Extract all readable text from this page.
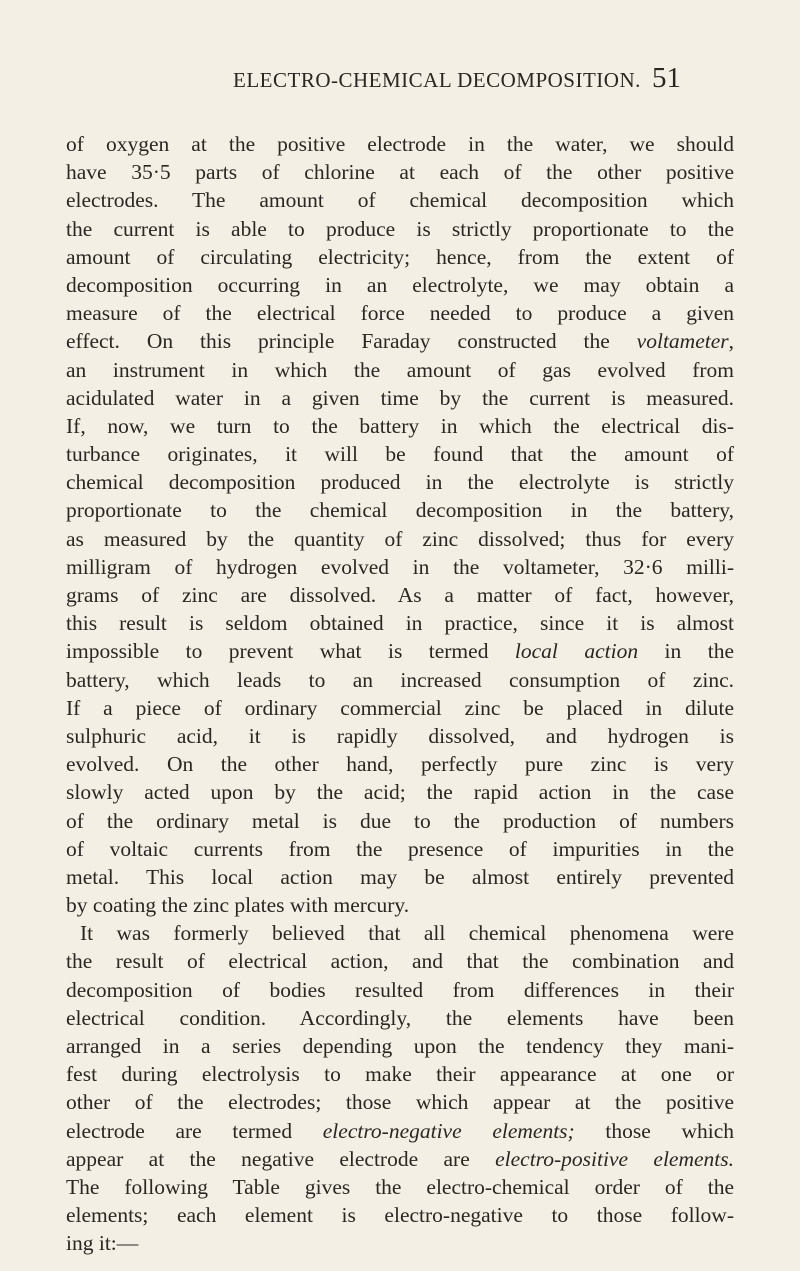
ELECTRO-CHEMICAL DECOMPOSITION. 51
of oxygen at the positive electrode in the water, we should
have 35·5 parts of chlorine at each of the other positive
electrodes. The amount of chemical decomposition which
the current is able to produce is strictly proportionate to the
amount of circulating electricity; hence, from the extent of
decomposition occurring in an electrolyte, we may obtain a
measure of the electrical force needed to produce a given
effect. On this principle Faraday constructed the voltameter,
an instrument in which the amount of gas evolved from
acidulated water in a given time by the current is measured.
If, now, we turn to the battery in which the electrical dis-
turbance originates, it will be found that the amount of
chemical decomposition produced in the electrolyte is strictly
proportionate to the chemical decomposition in the battery,
as measured by the quantity of zinc dissolved; thus for every
milligram of hydrogen evolved in the voltameter, 32·6 milli-
grams of zinc are dissolved. As a matter of fact, however,
this result is seldom obtained in practice, since it is almost
impossible to prevent what is termed local action in the
battery, which leads to an increased consumption of zinc.
If a piece of ordinary commercial zinc be placed in dilute
sulphuric acid, it is rapidly dissolved, and hydrogen is
evolved. On the other hand, perfectly pure zinc is very
slowly acted upon by the acid; the rapid action in the case
of the ordinary metal is due to the production of numbers
of voltaic currents from the presence of impurities in the
metal. This local action may be almost entirely prevented
by coating the zinc plates with mercury.
It was formerly believed that all chemical phenomena were
the result of electrical action, and that the combination and
decomposition of bodies resulted from differences in their
electrical condition. Accordingly, the elements have been
arranged in a series depending upon the tendency they mani-
fest during electrolysis to make their appearance at one or
other of the electrodes; those which appear at the positive
electrode are termed electro-negative elements; those which
appear at the negative electrode are electro-positive elements.
The following Table gives the electro-chemical order of the
elements; each element is electro-negative to those follow-
ing it:—
